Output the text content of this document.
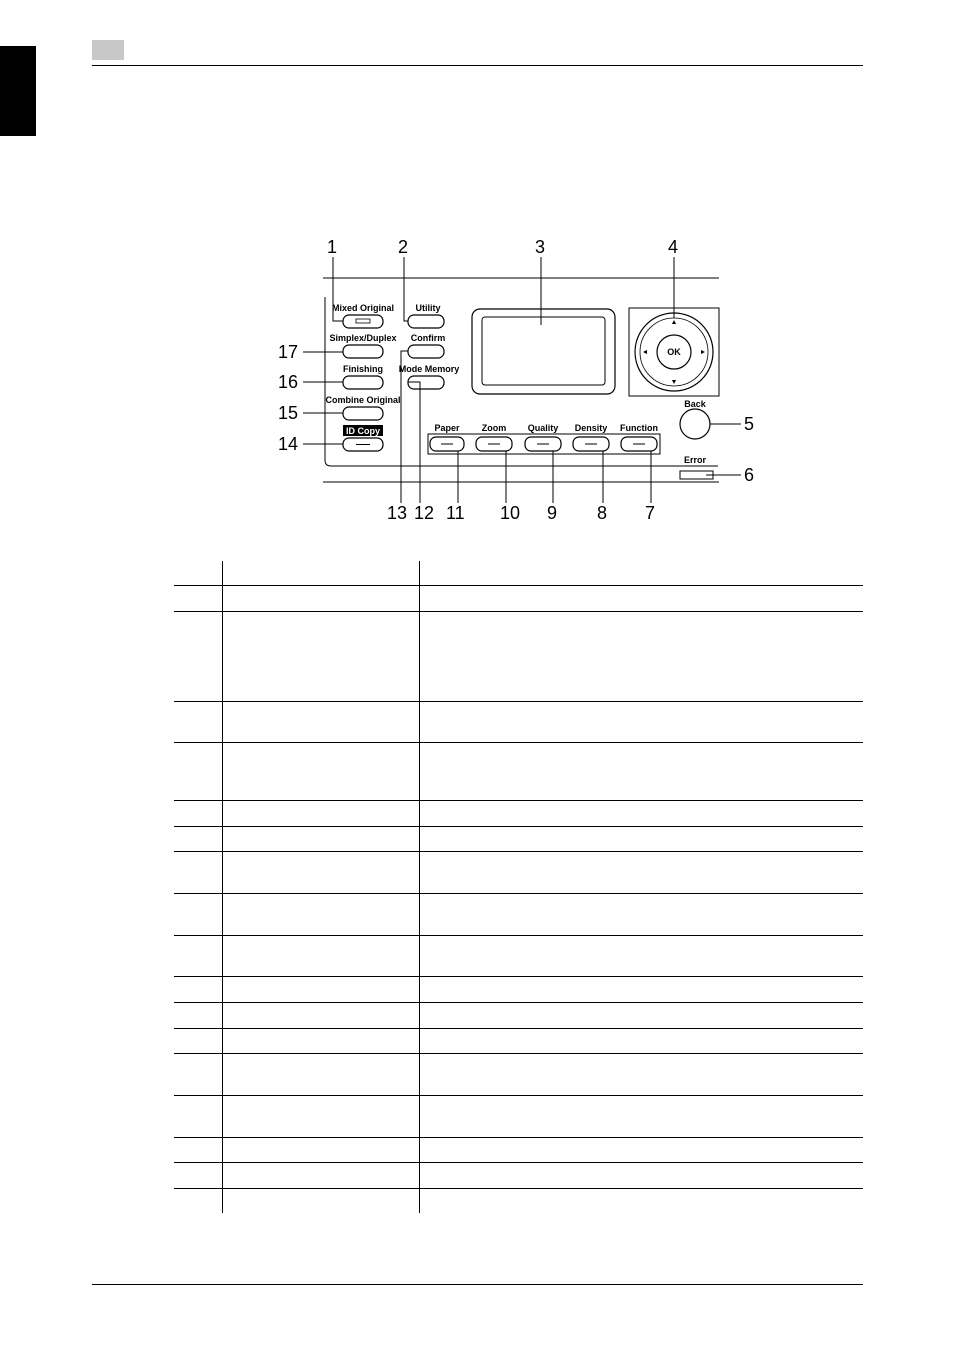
Mixed Original
Simplex/Duplex
Finishing
Combine Original
ID Copy
Utility
Confirm
Mode Memory
OK
Back
Error
Paper Zoom Quality Density Function
1	2	3	4
5
6
7
8
9
10
11
12
13
14
15
16
17
